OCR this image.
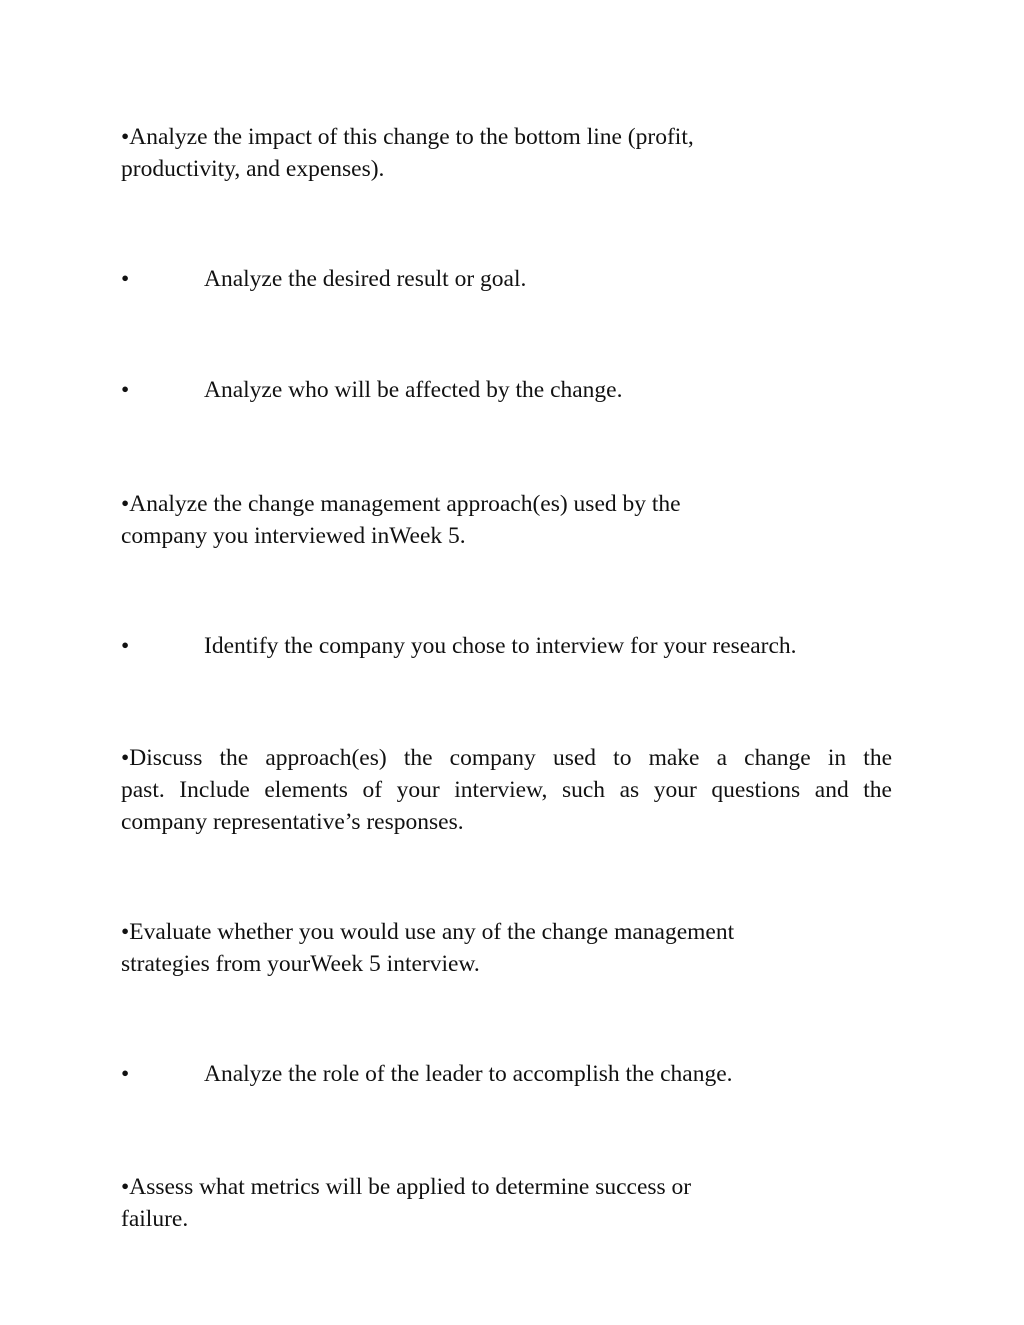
•Analyze the impact of this change to the bottom line (profit,
productivity, and expenses).
•	Analyze the desired result or goal.
•	Analyze who will be affected by the change.
•Analyze the change management approach(es) used by the
company you interviewed inWeek 5.
•	Identify the company you chose to interview for your research.
•Discuss the approach(es) the company used to make a change in the
past. Include elements of your interview, such as your questions and the
company representative’s responses.
•Evaluate whether you would use any of the change management
strategies from yourWeek 5 interview.
•	Analyze the role of the leader to accomplish the change.
•Assess what metrics will be applied to determine success or
failure.
